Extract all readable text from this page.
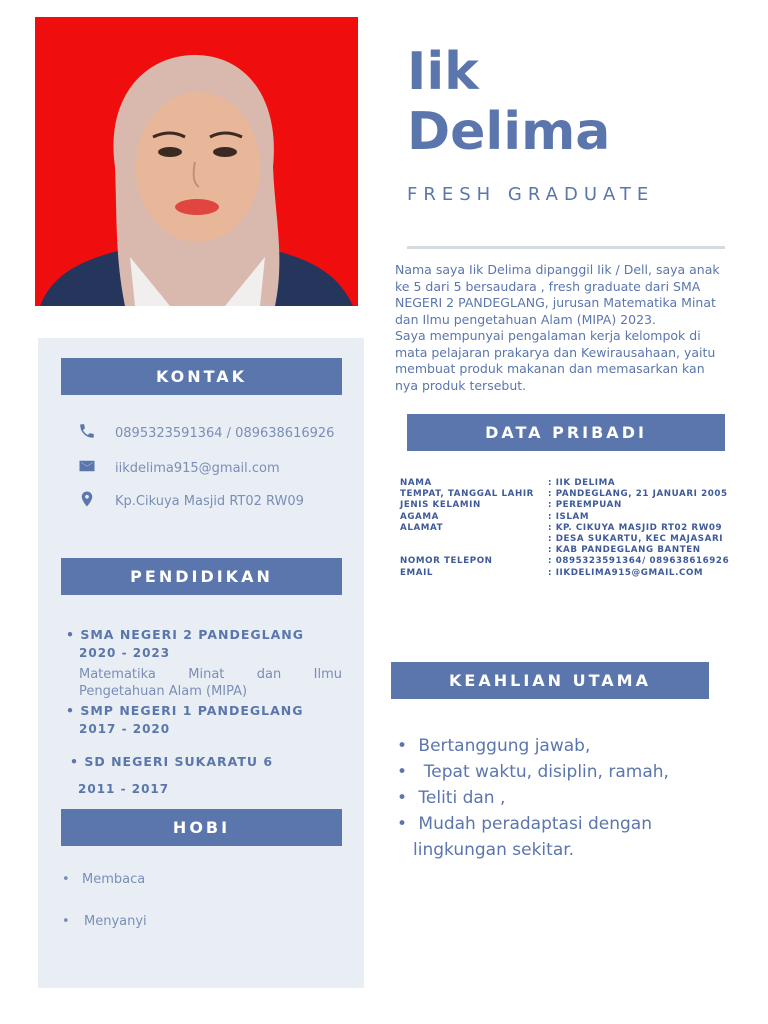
Iik
Delima
FRESH GRADUATE

Nama saya Iik Delima dipanggil Iik / Dell, saya anak

ke 5 dari 5 bersaudara , fresh graduate dari SMA

NEGERI 2 PANDEGLANG, jurusan Matematika Minat

dan Ilmu pengetahuan Alam (MIPA) 2023.

Saya mempunyai pengalaman kerja kelompok di

mata pelajaran prakarya dan Kewirausahaan, yaitu

membuat produk makanan dan memasarkan kan

nya produk tersebut.

KONTAK
0895323591364 / 089638616926
iikdelima915@gmail.com
Kp.Cikuya Masjid RT02 RW09
PENDIDIKAN
• SMA NEGERI 2 PANDEGLANG
2020 - 2023
Matematika Minat dan Ilmu Pengetahuan Alam (MIPA)
• SMP NEGERI 1 PANDEGLANG
2017 - 2020
• SD NEGERI SUKARATU 6
2011 - 2017
HOBI
• Membaca
• Menyanyi
DATA PRIBADI
NAMA	: IIK DELIMA
TEMPAT, TANGGAL LAHIR	: PANDEGLANG, 21 JANUARI 2005
JENIS KELAMIN	: PEREMPUAN
AGAMA	: ISLAM
ALAMAT	: KP. CIKUYA MASJID RT02 RW09
	: DESA SUKARTU, KEC MAJASARI
	: KAB PANDEGLANG BANTEN
NOMOR TELEPON	: 0895323591364/ 089638616926
EMAIL	: IIKDELIMA915@GMAIL.COM
KEAHLIAN UTAMA
• Bertanggung jawab,
• Tepat waktu, disiplin, ramah,
• Teliti dan ,
• Mudah peradaptasi dengan
lingkungan sekitar.
